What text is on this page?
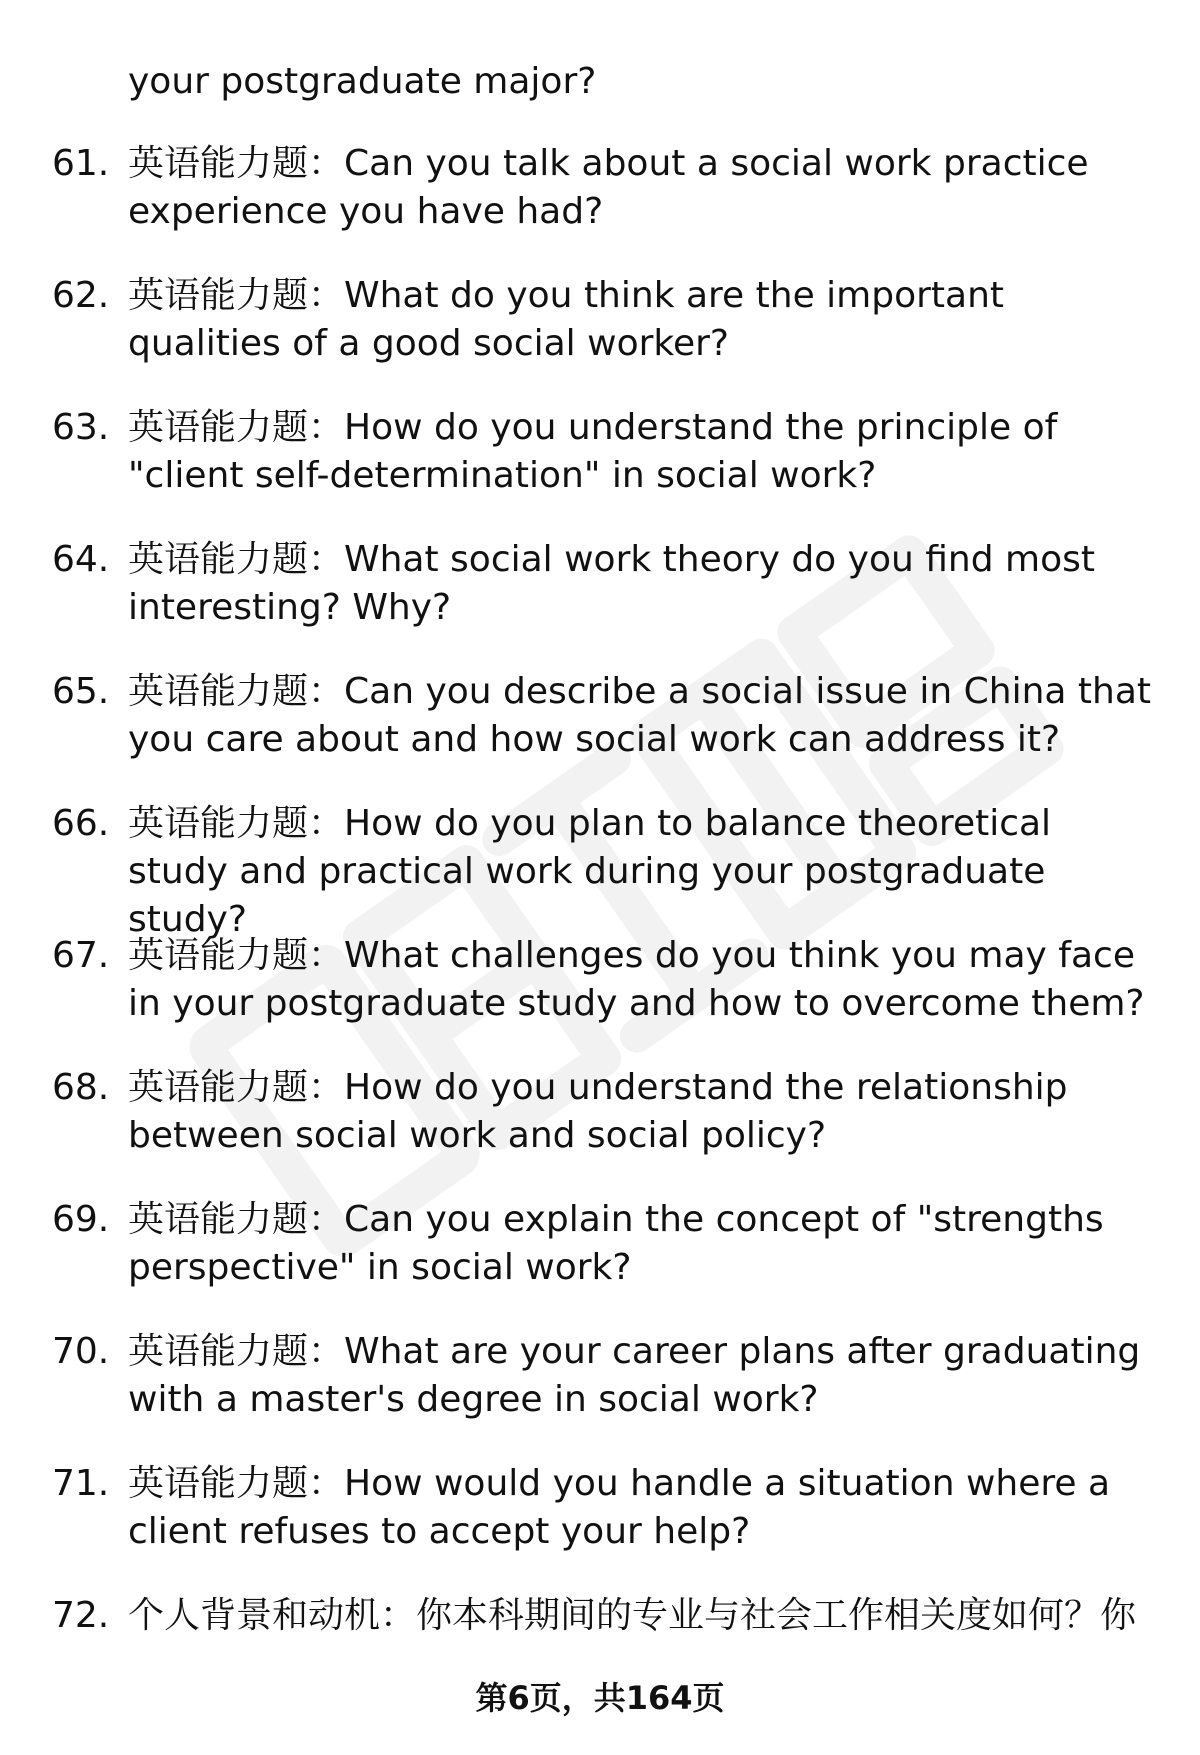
your postgraduate major?
61. 英语能力题：Can you talk about a social work practice experience you have had?
62. 英语能力题：What do you think are the important qualities of a good social worker?
63. 英语能力题：How do you understand the principle of "client self-determination" in social work?
64. 英语能力题：What social work theory do you find most interesting? Why?
65. 英语能力题：Can you describe a social issue in China that you care about and how social work can address it?
66. 英语能力题：How do you plan to balance theoretical study and practical work during your postgraduate study?
67. 英语能力题：What challenges do you think you may face in your postgraduate study and how to overcome them?
68. 英语能力题：How do you understand the relationship between social work and social policy?
69. 英语能力题：Can you explain the concept of "strengths perspective" in social work?
70. 英语能力题：What are your career plans after graduating with a master's degree in social work?
71. 英语能力题：How would you handle a situation where a client refuses to accept your help?
72. 个人背景和动机：你本科期间的专业与社会工作相关度如何？你
第6页，共164页
